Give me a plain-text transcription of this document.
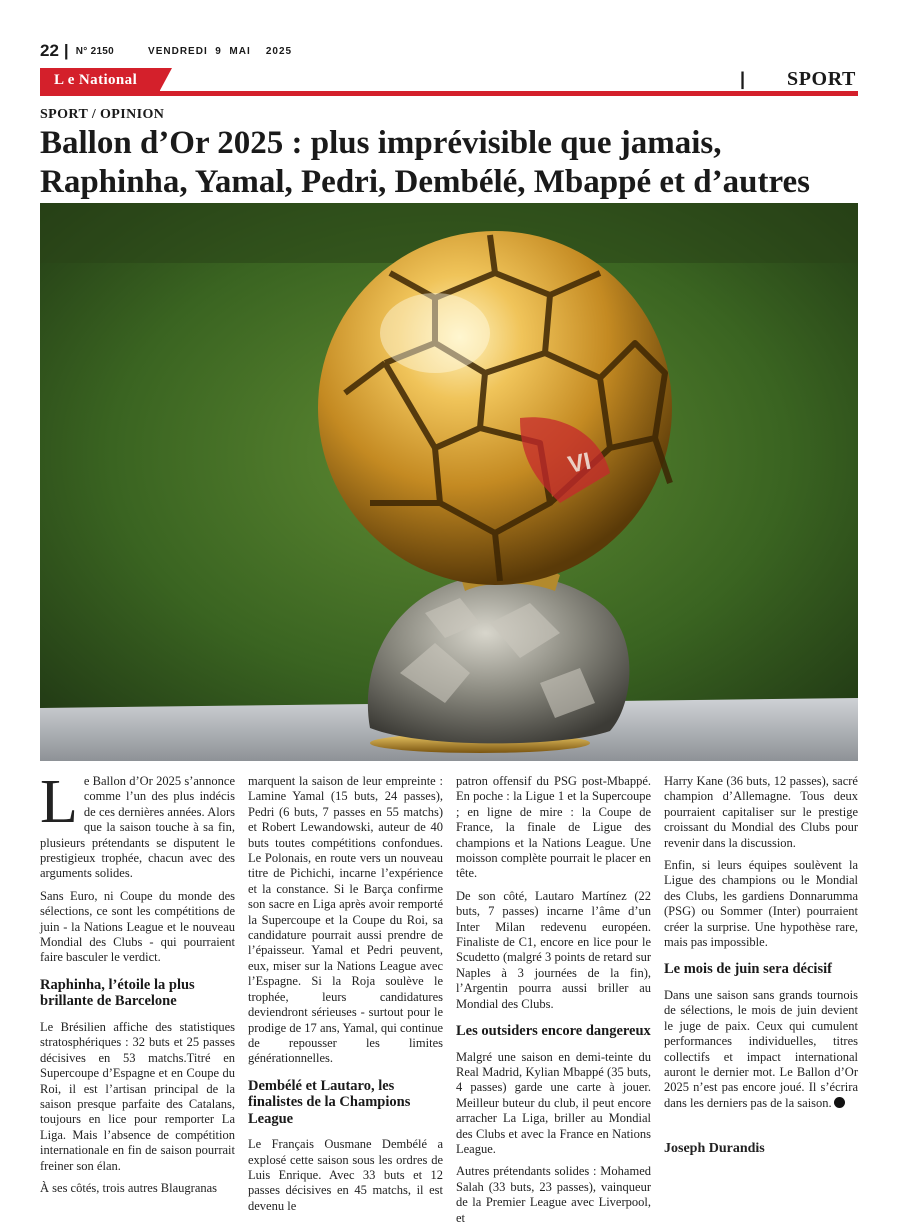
22 | N° 2150	VENDREDI  9  MAI    2025
L e National	| SPORT
SPORT / OPINION
Ballon d’Or 2025 : plus imprévisible que jamais, Raphinha, Yamal, Pedri, Dembélé, Mbappé et d’autres
VI

Le Ballon d’Or 2025 s’annonce comme l’un des plus indécis de ces dernières années. Alors que la saison touche à sa fin, plusieurs prétendants se disputent le prestigieux trophée, chacun avec des arguments solides.

Sans Euro, ni Coupe du monde des sélections, ce sont les compétitions de juin - la Nations League et le nouveau Mondial des Clubs - qui pourraient faire basculer le verdict.

Raphinha, l’étoile la plus brillante de Barcelone

Le Brésilien affiche des statistiques stratosphériques : 32 buts et 25 passes décisives en 53 matchs.Titré en Supercoupe d’Espagne et en Coupe du Roi, il est l’artisan principal de la saison presque parfaite des Catalans, toujours en lice pour remporter La Liga. Mais l’absence de compétition internationale en fin de saison pourrait freiner son élan.

À ses côtés, trois autres Blaugranas

marquent la saison de leur empreinte : Lamine Yamal (15 buts, 24 passes), Pedri (6 buts, 7 passes en 55 matchs) et Robert Lewandowski, auteur de 40 buts toutes compétitions confondues. Le Polonais, en route vers un nouveau titre de Pichichi, incarne l’expérience et la constance. Si le Barça confirme son sacre en Liga après avoir remporté la Supercoupe et la Coupe du Roi, sa candidature pourrait aussi prendre de l’épaisseur. Yamal et Pedri peuvent, eux, miser sur la Nations League avec l’Espagne. Si la Roja soulève le trophée, leurs candidatures deviendront sérieuses - surtout pour le prodige de 17 ans, Yamal, qui continue de repousser les limites générationnelles.

Dembélé et Lautaro, les finalistes de la Champions League

Le Français Ousmane Dembélé a explosé cette saison sous les ordres de Luis Enrique. Avec 33 buts et 12 passes décisives en 45 matchs, il est devenu le

patron offensif du PSG post-Mbappé. En poche : la Ligue 1 et la Supercoupe ; en ligne de mire : la Coupe de France, la finale de Ligue des champions et la Nations League. Une moisson complète pourrait le placer en tête.

De son côté, Lautaro Martínez (22 buts, 7 passes) incarne l’âme d’un Inter Milan redevenu européen. Finaliste de C1, encore en lice pour le Scudetto (malgré 3 points de retard sur Naples à 3 journées de la fin), l’Argentin pourra aussi briller au Mondial des Clubs.

Les outsiders encore dangereux

Malgré une saison en demi-teinte du Real Madrid, Kylian Mbappé (35 buts, 4 passes) garde une carte à jouer. Meilleur buteur du club, il peut encore arracher La Liga, briller au Mondial des Clubs et avec la France en Nations League.

Autres prétendants solides : Mohamed Salah (33 buts, 23 passes), vainqueur de la Premier League avec Liverpool, et

Harry Kane (36 buts, 12 passes), sacré champion d’Allemagne. Tous deux pourraient capitaliser sur le prestige croissant du Mondial des Clubs pour revenir dans la discussion.

Enfin, si leurs équipes soulèvent la Ligue des champions ou le Mondial des Clubs, les gardiens Donnarumma (PSG) ou Sommer (Inter) pourraient créer la surprise. Une hypothèse rare, mais pas impossible.

Le mois de juin sera décisif

Dans une saison sans grands tournois de sélections, le mois de juin devient le juge de paix. Ceux qui cumulent performances individuelles, titres collectifs et impact international auront le dernier mot. Le Ballon d’Or 2025 n’est pas encore joué. Il s’écrira dans les derniers pas de la saison.

Joseph Durandis
